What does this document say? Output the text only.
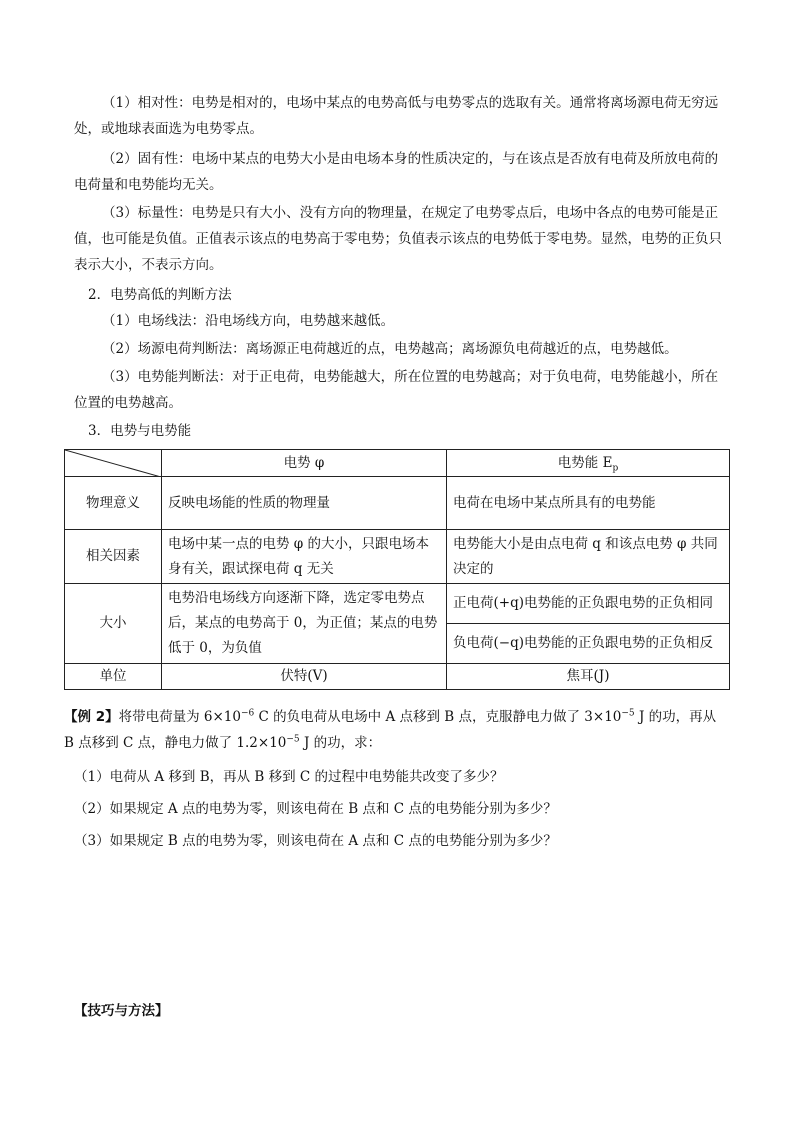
（1）相对性：电势是相对的，电场中某点的电势高低与电势零点的选取有关。通常将离场源电荷无穷远处，或地球表面选为电势零点。

（2）固有性：电场中某点的电势大小是由电场本身的性质决定的，与在该点是否放有电荷及所放电荷的电荷量和电势能均无关。

（3）标量性：电势是只有大小、没有方向的物理量，在规定了电势零点后，电场中各点的电势可能是正值，也可能是负值。正值表示该点的电势高于零电势；负值表示该点的电势低于零电势。显然，电势的正负只表示大小，不表示方向。

2．电势高低的判断方法

（1）电场线法：沿电场线方向，电势越来越低。

（2）场源电荷判断法：离场源正电荷越近的点，电势越高；离场源负电荷越近的点，电势越低。

（3）电势能判断法：对于正电荷，电势能越大，所在位置的电势越高；对于负电荷，电势能越小，所在位置的电势越高。

3．电势与电势能

	电势 φ	电势能 $E_p$
物理意义	反映电场能的性质的物理量	电荷在电场中某点所具有的电势能
相关因素	电场中某一点的电势 φ 的大小，只跟电场本身有关，跟试探电荷 q 无关	电势能大小是由点电荷 q 和该点电势 φ 共同决定的
大小	电势沿电场线方向逐渐下降，选定零电势点后，某点的电势高于 0，为正值；某点的电势低于 0，为负值	正电荷(+q)电势能的正负跟电势的正负相同
		负电荷(−q)电势能的正负跟电势的正负相反
单位	伏特(V)	焦耳(J)

【例 2】将带电荷量为 $6\times 10^{-6}$ C 的负电荷从电场中 A 点移到 B 点，克服静电力做了 $3\times 10^{-5}$ J 的功，再从 B 点移到 C 点，静电力做了 $1.2\times 10^{-5}$ J 的功，求：

（1）电荷从 A 移到 B，再从 B 移到 C 的过程中电势能共改变了多少？

（2）如果规定 A 点的电势为零，则该电荷在 B 点和 C 点的电势能分别为多少？

（3）如果规定 B 点的电势为零，则该电荷在 A 点和 C 点的电势能分别为多少？

【技巧与方法】
